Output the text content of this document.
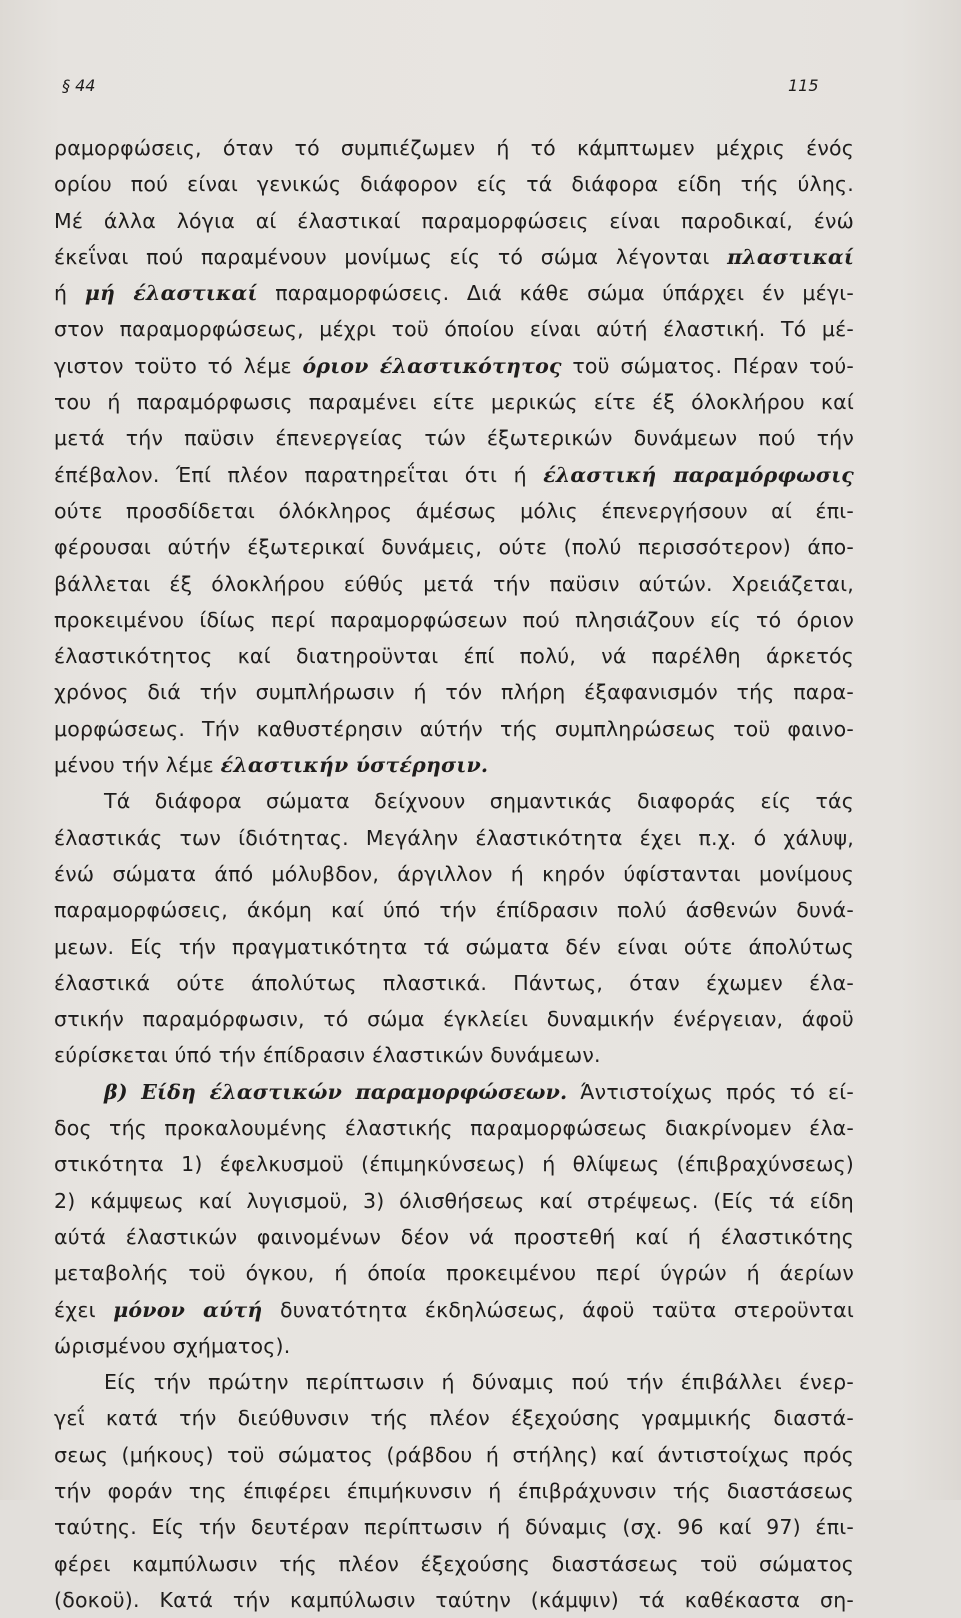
§ 44	115
ραμορφώσεις, όταν τό συμπιέζωμεν ή τό κάμπτωμεν μέχρις ένός
ορίου πού είναι γενικώς διάφορον είς τά διάφορα είδη τής ύλης.
Μέ άλλα λόγια αί έλαστικαί παραμορφώσεις είναι παροδικαί, ένώ
έκεΐναι πού παραμένουν μονίμως είς τό σώμα λέγονται πλαστικαί
ή μή έλαστικαί παραμορφώσεις. Διά κάθε σώμα ύπάρχει έν μέγι-
στον παραμορφώσεως, μέχρι τοϋ όποίου είναι αύτή έλαστική. Τό μέ-
γιστον τοϋτο τό λέμε όριον έλαστικότητος τοϋ σώματος. Πέραν τού-
του ή παραμόρφωσις παραμένει είτε μερικώς είτε έξ όλοκλήρου καί
μετά τήν παϋσιν έπενεργείας τών έξωτερικών δυνάμεων πού τήν
έπέβαλον. Έπί πλέον παρατηρεΐται ότι ή έλαστική παραμόρφωσις
ούτε προσδίδεται όλόκληρος άμέσως μόλις έπενεργήσουν αί έπι-
φέρουσαι αύτήν έξωτερικαί δυνάμεις, ούτε (πολύ περισσότερον) άπο-
βάλλεται έξ όλοκλήρου εύθύς μετά τήν παϋσιν αύτών. Χρειάζεται,
προκειμένου ίδίως περί παραμορφώσεων πού πλησιάζουν είς τό όριον
έλαστικότητος καί διατηροϋνται έπί πολύ, νά παρέλθη άρκετός
χρόνος διά τήν συμπλήρωσιν ή τόν πλήρη έξαφανισμόν τής παρα-
μορφώσεως. Τήν καθυστέρησιν αύτήν τής συμπληρώσεως τοϋ φαινο-
μένου τήν λέμε έλαστικήν ύστέρησιν.
Τά διάφορα σώματα δείχνουν σημαντικάς διαφοράς είς τάς
έλαστικάς των ίδιότητας. Μεγάλην έλαστικότητα έχει π.χ. ό χάλυψ,
ένώ σώματα άπό μόλυβδον, άργιλλον ή κηρόν ύφίστανται μονίμους
παραμορφώσεις, άκόμη καί ύπό τήν έπίδρασιν πολύ άσθενών δυνά-
μεων. Είς τήν πραγματικότητα τά σώματα δέν είναι ούτε άπολύτως
έλαστικά ούτε άπολύτως πλαστικά. Πάντως, όταν έχωμεν έλα-
στικήν παραμόρφωσιν, τό σώμα έγκλείει δυναμικήν ένέργειαν, άφοϋ
εύρίσκεται ύπό τήν έπίδρασιν έλαστικών δυνάμεων.
β) Είδη έλαστικών παραμορφώσεων. Άντιστοίχως πρός τό εί-
δος τής προκαλουμένης έλαστικής παραμορφώσεως διακρίνομεν έλα-
στικότητα 1) έφελκυσμοϋ (έπιμηκύνσεως) ή θλίψεως (έπιβραχύνσεως)
2) κάμψεως καί λυγισμοϋ, 3) όλισθήσεως καί στρέψεως. (Είς τά είδη
αύτά έλαστικών φαινομένων δέον νά προστεθή καί ή έλαστικότης
μεταβολής τοϋ όγκου, ή όποία προκειμένου περί ύγρών ή άερίων
έχει μόνον αύτή δυνατότητα έκδηλώσεως, άφοϋ ταϋτα στεροϋνται
ώρισμένου σχήματος).
Είς τήν πρώτην περίπτωσιν ή δύναμις πού τήν έπιβάλλει ένερ-
γεΐ κατά τήν διεύθυνσιν τής πλέον έξεχούσης γραμμικής διαστά-
σεως (μήκους) τοϋ σώματος (ράβδου ή στήλης) καί άντιστοίχως πρός
τήν φοράν της έπιφέρει έπιμήκυνσιν ή έπιβράχυνσιν τής διαστάσεως
ταύτης. Είς τήν δευτέραν περίπτωσιν ή δύναμις (σχ. 96 καί 97) έπι-
φέρει καμπύλωσιν τής πλέον έξεχούσης διαστάσεως τοϋ σώματος
(δοκοϋ). Κατά τήν καμπύλωσιν ταύτην (κάμψιν) τά καθέκαστα ση-
